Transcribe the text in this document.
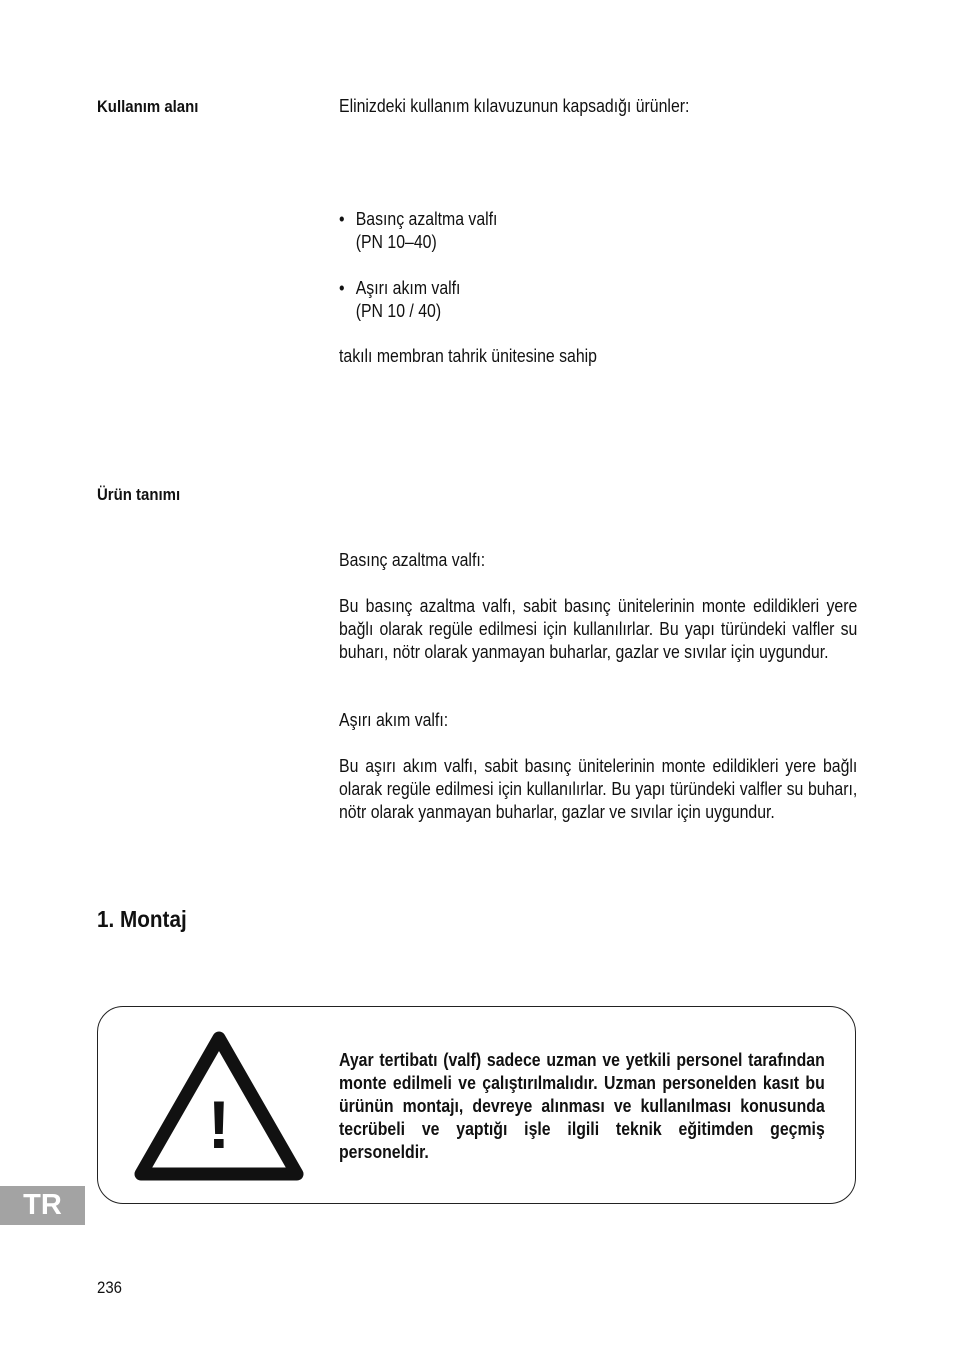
Kullanım alanı	Elinizdeki kullanım kılavuzunun kapsadığı ürünler:

• Basınç azaltma valfı
(PN 10–40)
• Aşırı akım valfı
(PN 10 / 40)

takılı membran tahrik ünitesine sahip

Ürün tanımı

Basınç azaltma valfı:

Bu basınç azaltma valfı, sabit basınç ünitelerinin monte edildikleri yere bağlı olarak regüle edilmesi için kullanılırlar. Bu yapı türündeki valfler su buharı, nötr olarak yanmayan buharlar, gazlar ve sıvılar için uygundur.

Aşırı akım valfı:

Bu aşırı akım valfı, sabit basınç ünitelerinin monte edildikleri yere bağlı olarak regüle edilmesi için kullanılırlar. Bu yapı türündeki valfler su buharı, nötr olarak yanmayan buharlar, gazlar ve sıvılar için uygundur.

1. Montaj
!
Ayar tertibatı (valf) sadece uzman ve yetkili personel tarafından monte edilmeli ve çalıştırılmalıdır. Uzman personelden kasıt bu ürünün montajı, devreye alınması ve kullanılması konusunda tecrübeli ve yaptığı işle ilgili teknik eğitimden geçmiş personeldir.
TR
236
